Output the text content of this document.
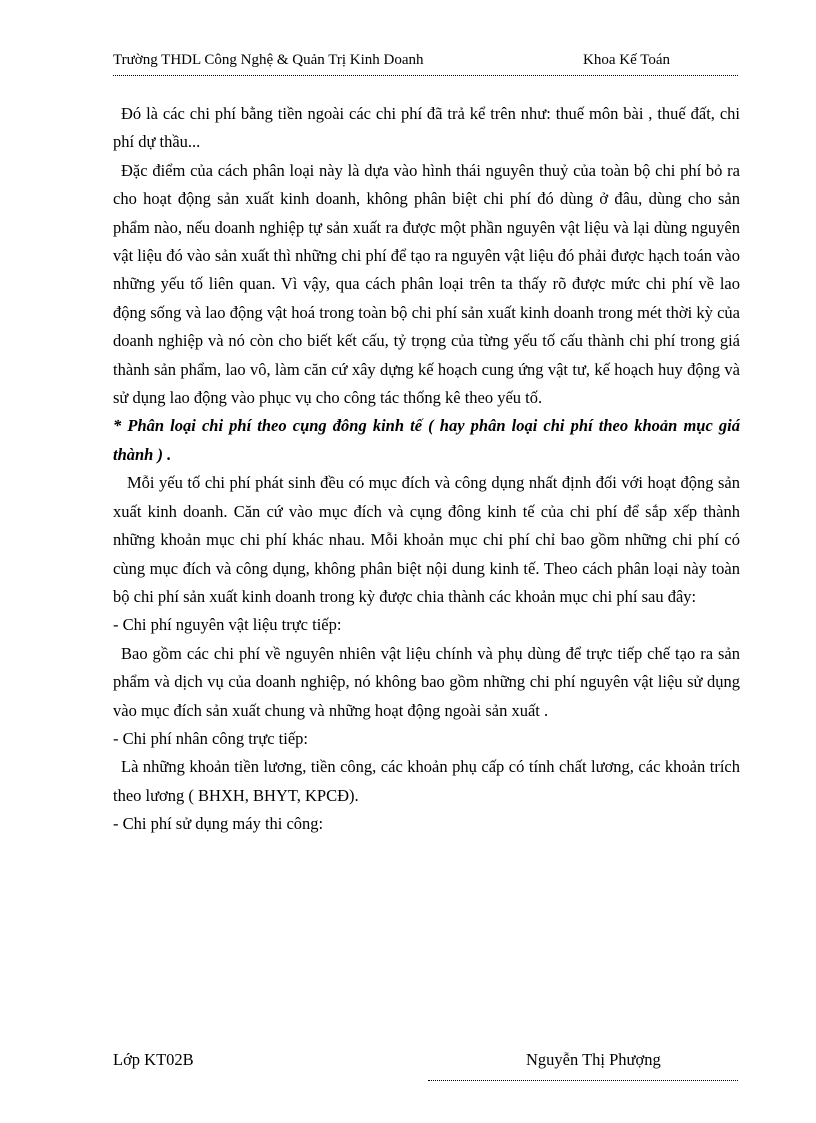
Trường THDL Công Nghệ & Quản Trị Kinh Doanh	Khoa Kế Toán

Đó là các chi phí bằng tiền ngoài các chi phí đã trả kể trên như: thuế môn bài , thuế đất, chi phí dự thầu...

Đặc điểm của cách phân loại này là dựa vào hình thái nguyên thuỷ của toàn bộ chi phí bỏ ra cho hoạt động sản xuất kinh doanh, không phân biệt chi phí đó dùng ở đâu, dùng cho sản phẩm nào, nếu doanh nghiệp tự sản xuất ra được một phần nguyên vật liệu và lại dùng nguyên vật liệu đó vào sản xuất thì những chi phí để tạo ra nguyên vật liệu đó phải được hạch toán vào những yếu tố liên quan. Vì vậy, qua cách phân loại trên ta thấy rõ được mức chi phí về lao động sống và lao động vật hoá trong toàn bộ chi phí sản xuất kinh doanh trong mét thời kỳ của doanh nghiệp và nó còn cho biết kết cấu, tỷ trọng của từng yếu tố cấu thành chi phí trong giá thành sản phẩm, lao vô, làm căn cứ xây dựng kế hoạch cung ứng vật tư, kế hoạch huy động và sử dụng lao động vào phục vụ cho công tác thống kê theo yếu tố.

* Phân loại chi phí theo cụng đông kinh tế ( hay phân loại chi phí theo khoản mục giá thành ) .

Mỗi yếu tố chi phí phát sinh đều có mục đích và công dụng nhất định đối với hoạt động sản xuất kinh doanh. Căn cứ vào mục đích và cụng đông kinh tế của chi phí để sắp xếp thành những khoản mục chi phí khác nhau. Mỗi khoản mục chi phí chỉ bao gồm những chi phí có cùng mục đích và công dụng, không phân biệt nội dung kinh tế. Theo cách phân loại này toàn bộ chi phí sản xuất kinh doanh trong kỳ được chia thành các khoản mục chi phí sau đây:

- Chi phí nguyên vật liệu trực tiếp:

Bao gồm các chi phí về nguyên nhiên vật liệu chính và phụ dùng để trực tiếp chế tạo ra sản phẩm và dịch vụ của doanh nghiệp, nó không bao gồm những chi phí nguyên vật liệu sử dụng vào mục đích sản xuất chung và những hoạt động ngoài sản xuất .

- Chi phí nhân công trực tiếp:

Là những khoản tiền lương, tiền công, các khoản phụ cấp có tính chất lương, các khoản trích theo lương ( BHXH, BHYT, KPCĐ).

- Chi phí sử dụng máy thi công:

Lớp KT02B	Nguyễn Thị Phượng
